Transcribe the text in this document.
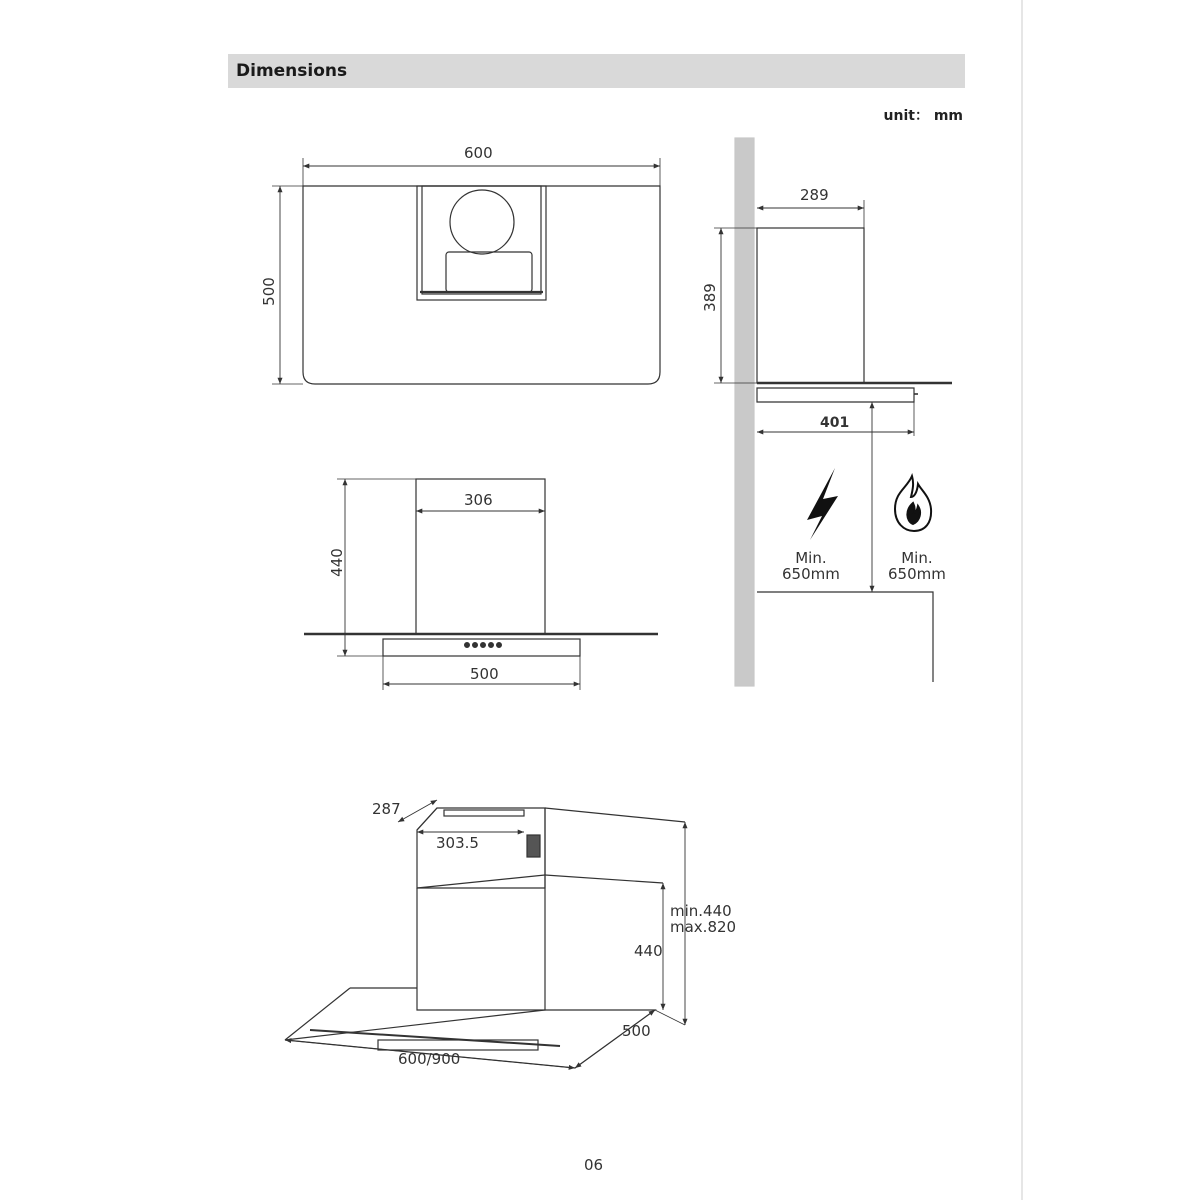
Dimensions
unit： mm
600
500
289
389
401
Min.
650mm
Min.
650mm
306
440
500
287
303.5
min.440
max.820
440
500
600/900
06
